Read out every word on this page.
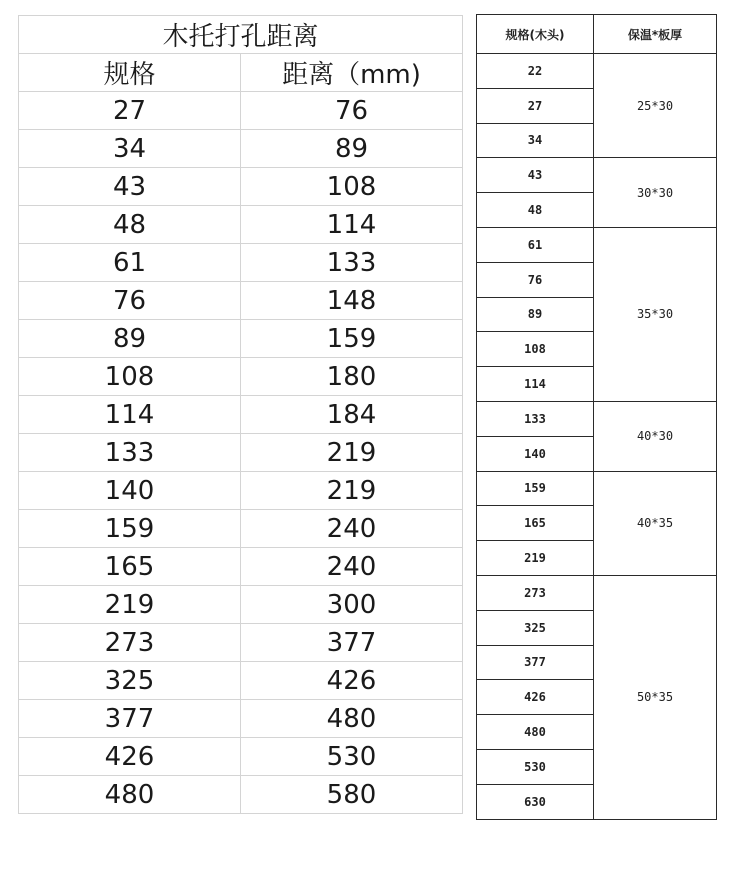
木托打孔距离	
规格	距离（mm)
27	76
34	89
43	108
48	114
61	133
76	148
89	159
108	180
114	184
133	219
140	219
159	240
165	240
219	300
273	377
325	426
377	480
426	530
480	580
规格(木头)	保温*板厚
22	25*30
27	
34	
43	30*30
48	
61	35*30
76	
89	
108	
114	
133	40*30
140	
159	40*35
165	
219	
273	50*35
325	
377	
426	
480	
530	
630	
